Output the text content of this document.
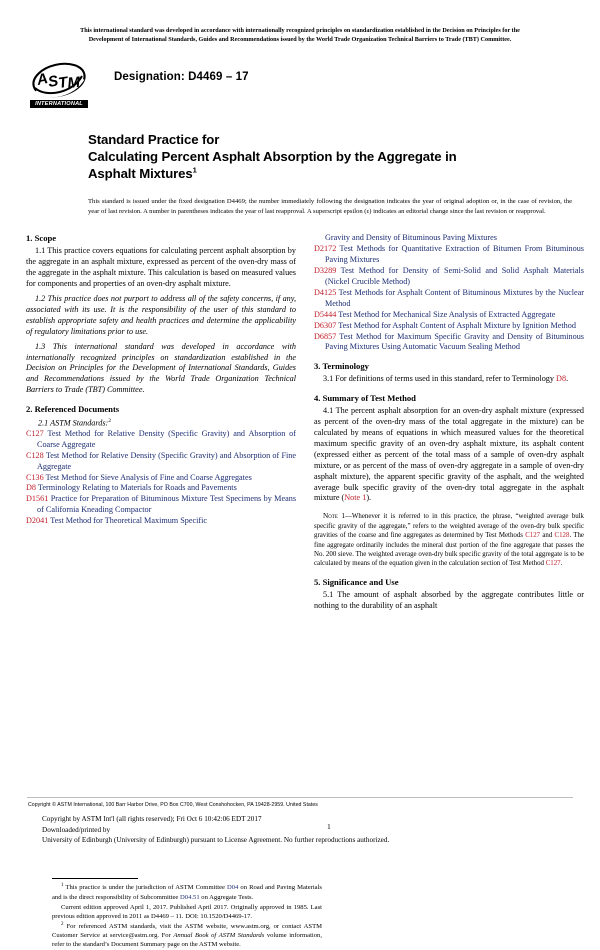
This international standard was developed in accordance with internationally recognized principles on standardization established in the Decision on Principles for the
Development of International Standards, Guides and Recommendations issued by the World Trade Organization Technical Barriers to Trade (TBT) Committee.
A
S
T
M
INTERNATIONAL
Designation: D4469 – 17
Standard Practice for
Calculating Percent Asphalt Absorption by the Aggregate in
Asphalt Mixtures$^1$
This standard is issued under the fixed designation D4469; the number immediately following the designation indicates the year of original adoption or, in the case of revision, the year of last revision. A number in parentheses indicates the year of last reapproval. A superscript epsilon (ε) indicates an editorial change since the last revision or reapproval.
1. Scope

1.1 This practice covers equations for calculating percent asphalt absorption by the aggregate in an asphalt mixture, expressed as percent of the oven-dry mass of the aggregate in the asphalt mixture. This calculation is based on measured values for components and properties of an oven-dry asphalt mixture.

1.2 This practice does not purport to address all of the safety concerns, if any, associated with its use. It is the responsibility of the user of this standard to establish appropriate safety and health practices and determine the applicability of regulatory limitations prior to use.

1.3 This international standard was developed in accordance with internationally recognized principles on standardization established in the Decision on Principles for the Development of International Standards, Guides and Recommendations issued by the World Trade Organization Technical Barriers to Trade (TBT) Committee.

2. Referenced Documents
2.1 ASTM Standards:$^2$
C127 Test Method for Relative Density (Specific Gravity) and Absorption of Coarse Aggregate
C128 Test Method for Relative Density (Specific Gravity) and Absorption of Fine Aggregate
C136 Test Method for Sieve Analysis of Fine and Coarse Aggregates
D8 Terminology Relating to Materials for Roads and Pavements
D1561 Practice for Preparation of Bituminous Mixture Test Specimens by Means of California Kneading Compactor
D2041 Test Method for Theoretical Maximum Specific

$^1$ This practice is under the jurisdiction of ASTM Committee D04 on Road and Paving Materials and is the direct responsibility of Subcommittee D04.51 on Aggregate Tests.

Current edition approved April 1, 2017. Published April 2017. Originally approved in 1985. Last previous edition approved in 2011 as D4469 – 11. DOI: 10.1520/D4469-17.

$^2$ For referenced ASTM standards, visit the ASTM website, www.astm.org, or contact ASTM Customer Service at service@astm.org. For Annual Book of ASTM Standards volume information, refer to the standard’s Document Summary page on the ASTM website.

Gravity and Density of Bituminous Paving Mixtures
D2172 Test Methods for Quantitative Extraction of Bitumen From Bituminous Paving Mixtures
D3289 Test Method for Density of Semi-Solid and Solid Asphalt Materials (Nickel Crucible Method)
D4125 Test Methods for Asphalt Content of Bituminous Mixtures by the Nuclear Method
D5444 Test Method for Mechanical Size Analysis of Extracted Aggregate
D6307 Test Method for Asphalt Content of Asphalt Mixture by Ignition Method
D6857 Test Method for Maximum Specific Gravity and Density of Bituminous Paving Mixtures Using Automatic Vacuum Sealing Method
3. Terminology

3.1 For definitions of terms used in this standard, refer to Terminology D8.

4. Summary of Test Method

4.1 The percent asphalt absorption for an oven-dry asphalt mixture (expressed as percent of the oven-dry mass of the total aggregate in the mixture) can be calculated by means of equations in which measured values for the theoretical maximum specific gravity of an oven-dry asphalt mixture, its asphalt content (expressed either as percent of the total mass of a sample of oven-dry asphalt mixture, or as percent of the mass of oven-dry aggregate in a sample of oven-dry asphalt mixture), the apparent specific gravity of the asphalt, and the weighted average bulk specific gravity of the oven-dry total aggregate in the asphalt mixture (Note 1).

Note 1—Whenever it is referred to in this practice, the phrase, “weighted average bulk specific gravity of the aggregate,” refers to the weighted average of the oven-dry bulk specific gravities of the coarse and fine aggregates as determined by Test Methods C127 and C128. The fine aggregate ordinarily includes the mineral dust portion of the fine aggregate that passes the No. 200 sieve. The weighted average oven-dry bulk specific gravity of the total aggregate is to be calculated by means of the equation given in the calculation section of Test Method C127.

5. Significance and Use

5.1 The amount of asphalt absorbed by the aggregate contributes little or nothing to the durability of an asphalt

Copyright © ASTM International, 100 Barr Harbor Drive, PO Box C700, West Conshohocken, PA 19428-2959. United States
Copyright by ASTM Int'l (all rights reserved); Fri Oct 6 10:42:06 EDT 2017
Downloaded/printed by
University of Edinburgh (University of Edinburgh) pursuant to License Agreement. No further reproductions authorized.
1
